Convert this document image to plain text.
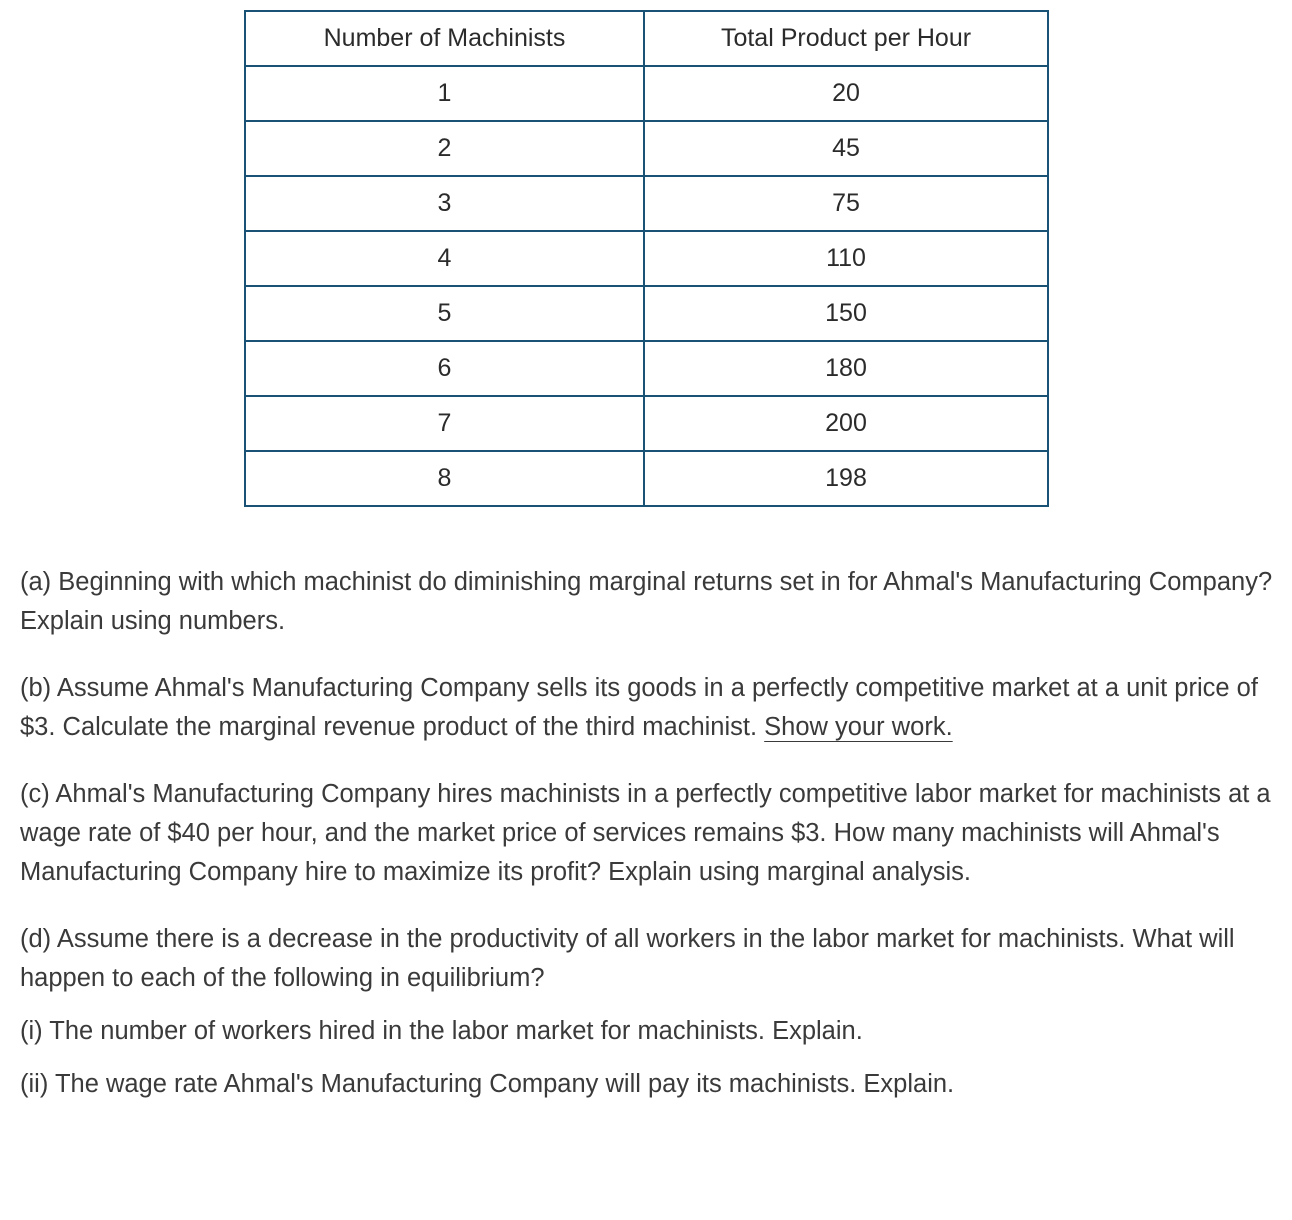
Number of Machinists	Total Product per Hour
1	20
2	45
3	75
4	110
5	150
6	180
7	200
8	198

(a) Beginning with which machinist do diminishing marginal returns set in for Ahmal's Manufacturing Company? Explain using numbers.

(b) Assume Ahmal's Manufacturing Company sells its goods in a perfectly competitive market at a unit price of $3. Calculate the marginal revenue product of the third machinist. Show your work.

(c) Ahmal's Manufacturing Company hires machinists in a perfectly competitive labor market for machinists at a wage rate of $40 per hour, and the market price of services remains $3. How many machinists will Ahmal's Manufacturing Company hire to maximize its profit? Explain using marginal analysis.

(d) Assume there is a decrease in the productivity of all workers in the labor market for machinists. What will happen to each of the following in equilibrium?

(i) The number of workers hired in the labor market for machinists. Explain.

(ii) The wage rate Ahmal's Manufacturing Company will pay its machinists. Explain.
